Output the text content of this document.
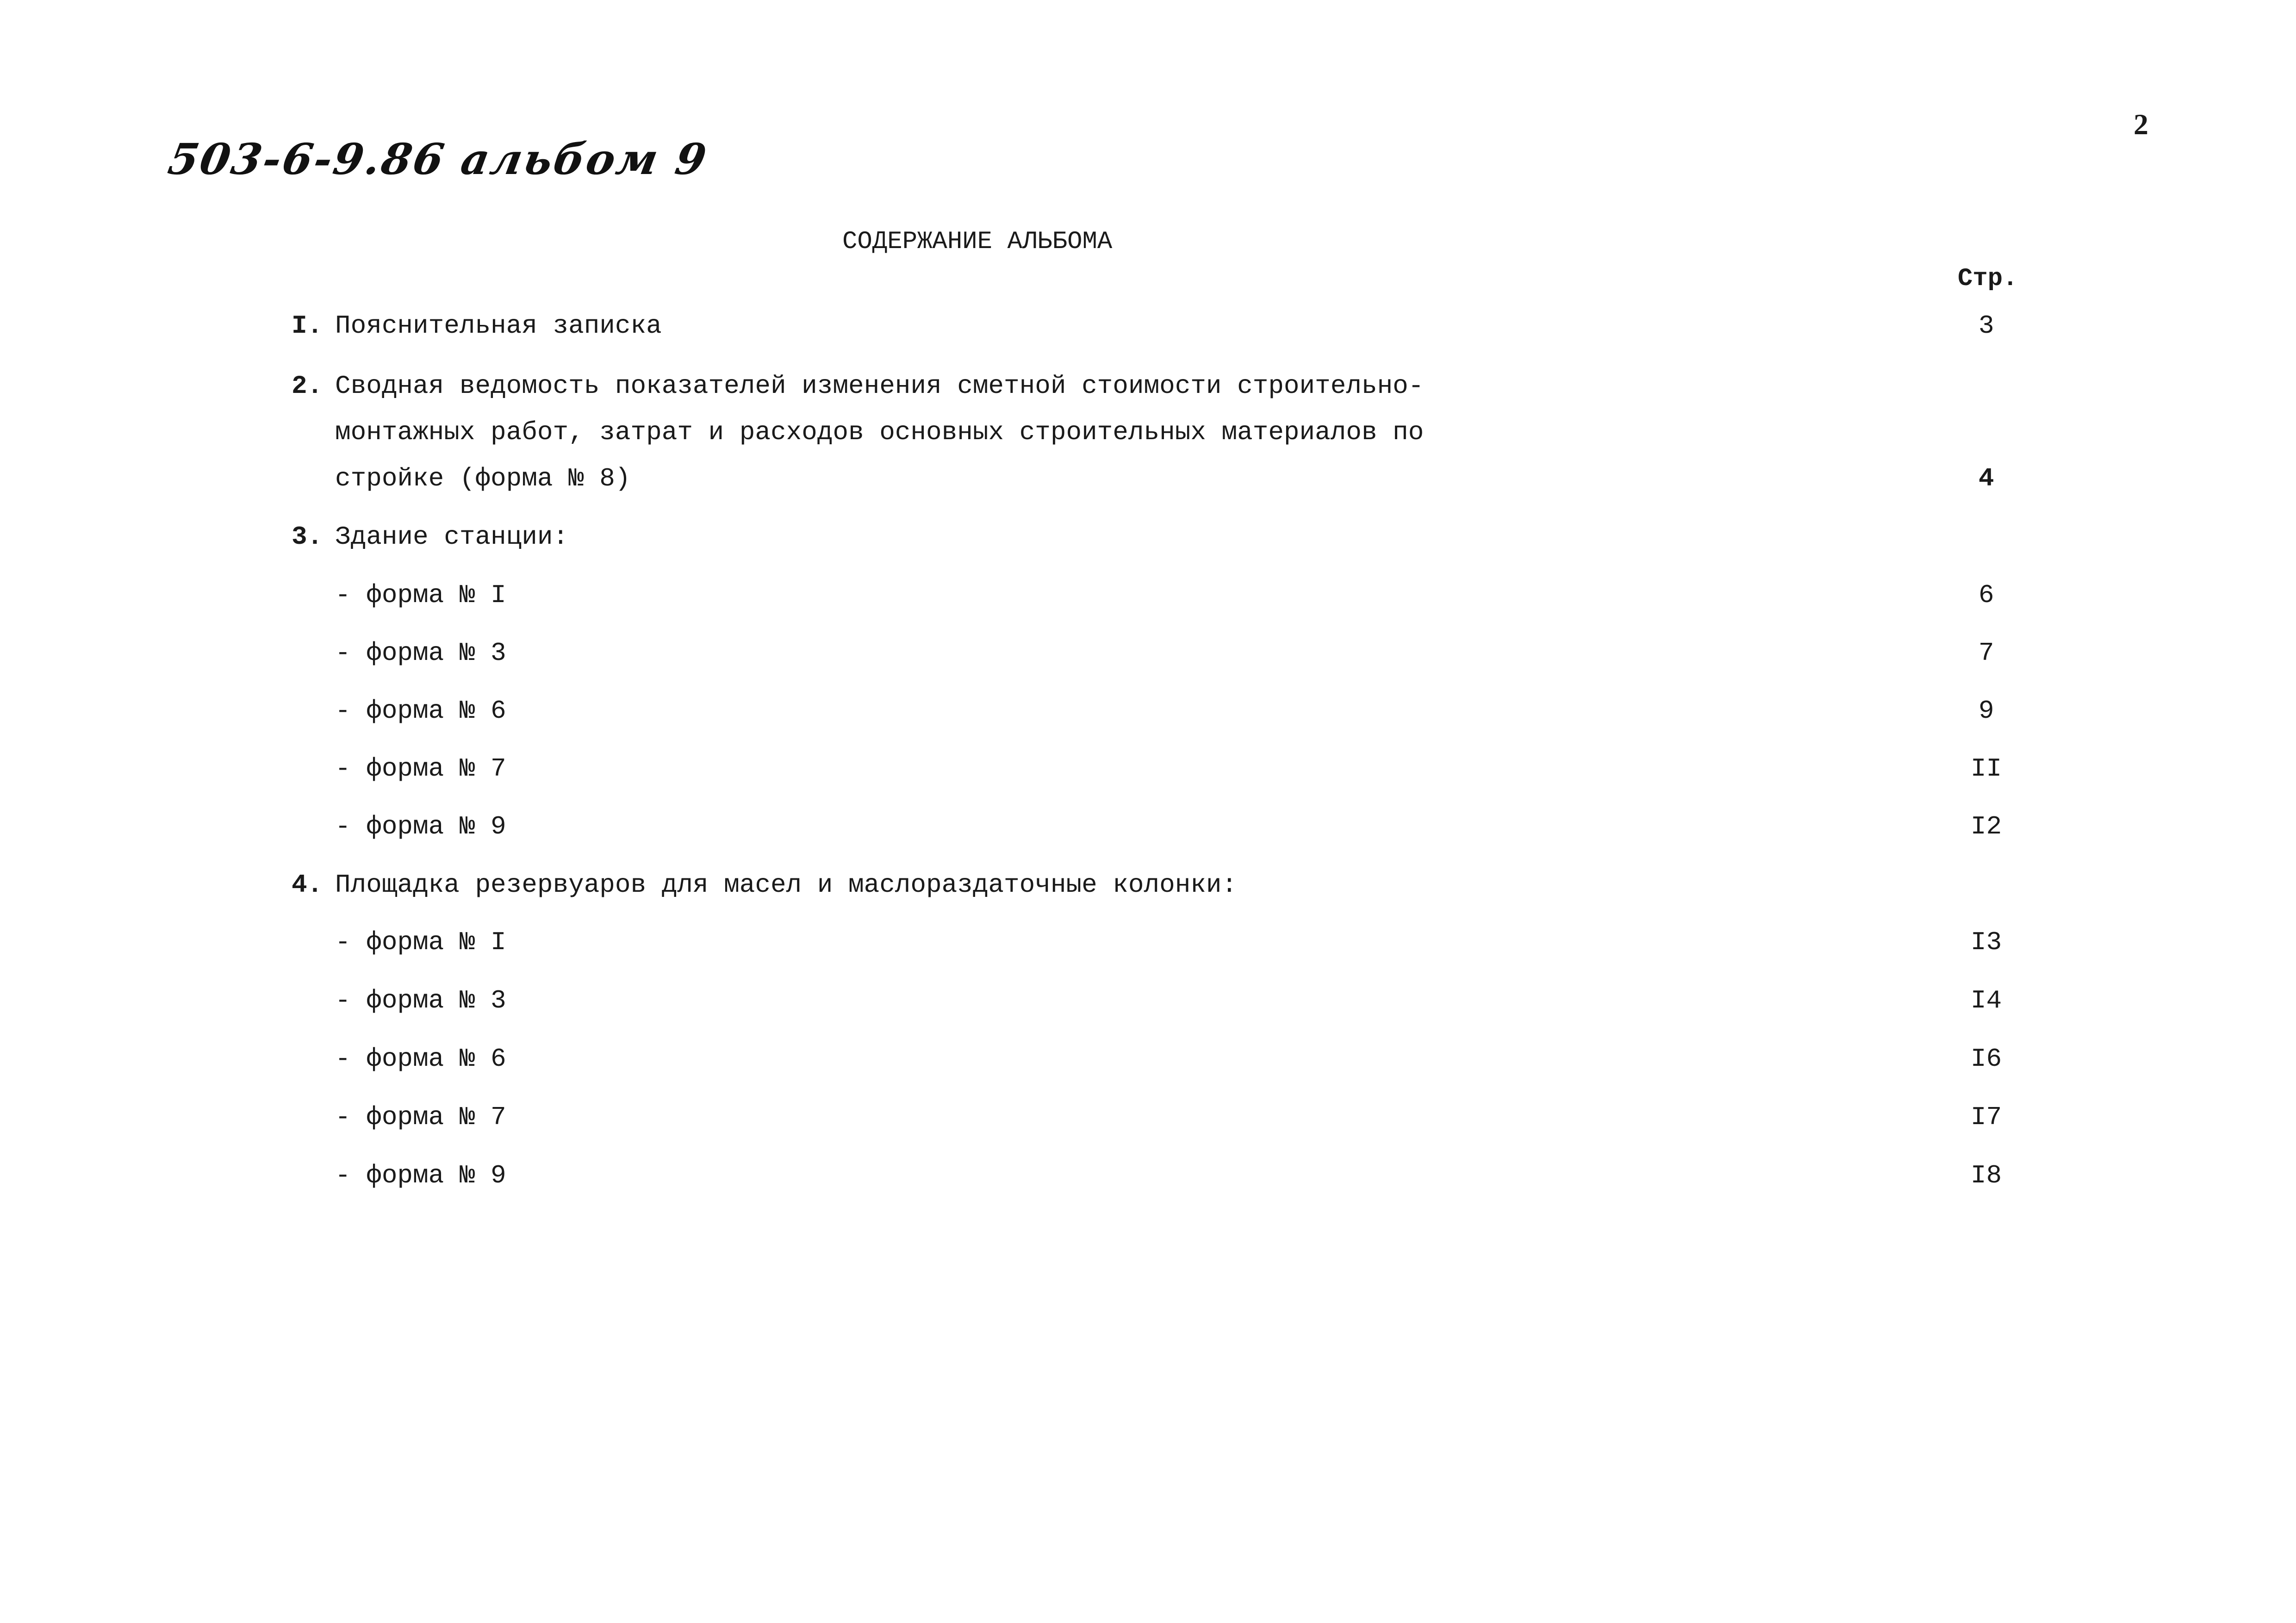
2
503-6-9.86 альбом 9
СОДЕРЖАНИЕ АЛЬБОМА
Стр.
I. Пояснительная записка	3
2. Сводная ведомость показателей изменения сметной стоимости строительно-
монтажных работ, затрат и расходов основных строительных материалов по
стройке (форма № 8)	4
3. Здание станции:
- форма № I	6
- форма № 3	7
- форма № 6	9
- форма № 7	II
- форма № 9	I2
4. Площадка резервуаров для масел и маслораздаточные колонки:
- форма № I	I3
- форма № 3	I4
- форма № 6	I6
- форма № 7	I7
- форма № 9	I8
